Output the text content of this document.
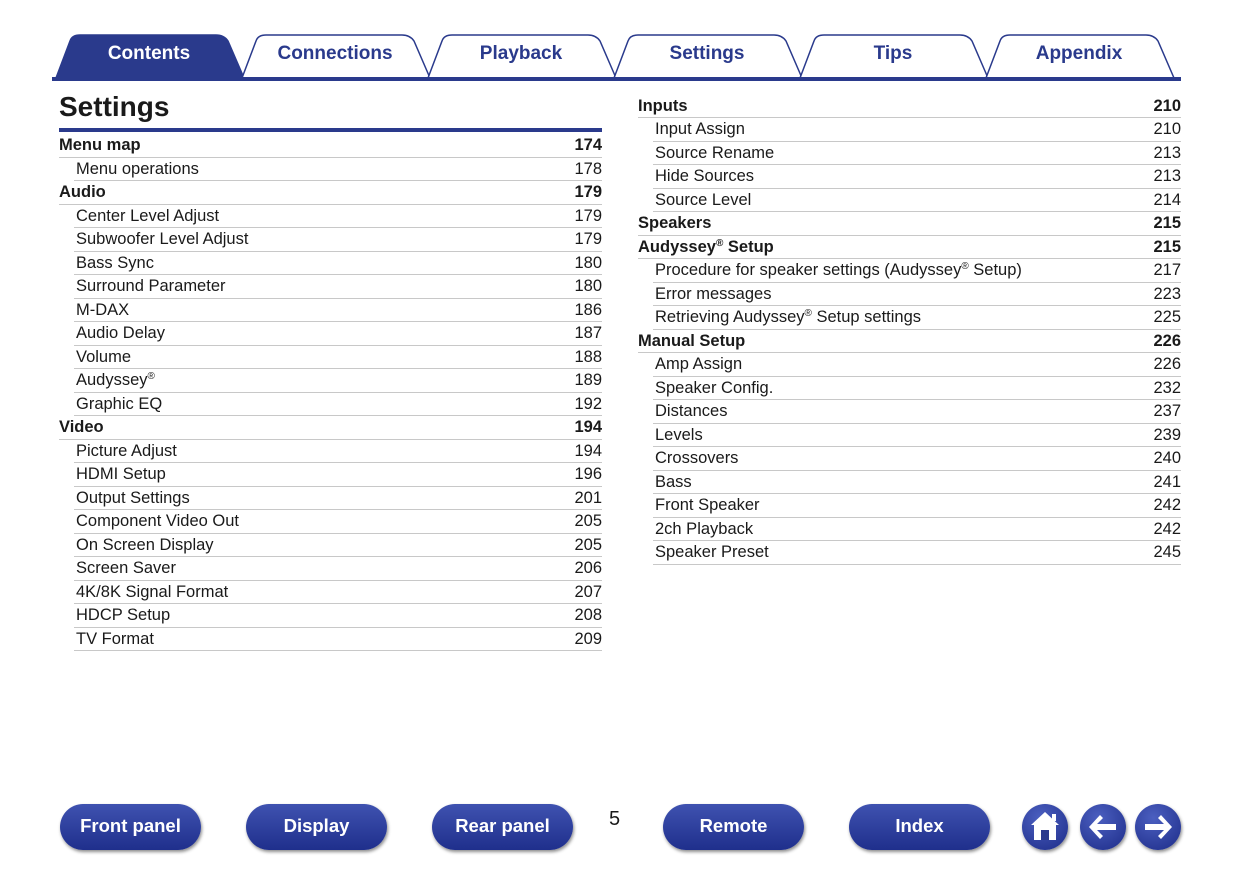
Contents	Connections	Playback	Settings	Tips	Appendix
Settings
Menu map	174
Menu operations	178
Audio	179
Center Level Adjust	179
Subwoofer Level Adjust	179
Bass Sync	180
Surround Parameter	180
M-DAX	186
Audio Delay	187
Volume	188
Audyssey®	189
Graphic EQ	192
Video	194
Picture Adjust	194
HDMI Setup	196
Output Settings	201
Component Video Out	205
On Screen Display	205
Screen Saver	206
4K/8K Signal Format	207
HDCP Setup	208
TV Format	209
Inputs	210
Input Assign	210
Source Rename	213
Hide Sources	213
Source Level	214
Speakers	215
Audyssey® Setup	215
Procedure for speaker settings (Audyssey® Setup)	217
Error messages	223
Retrieving Audyssey® Setup settings	225
Manual Setup	226
Amp Assign	226
Speaker Config.	232
Distances	237
Levels	239
Crossovers	240
Bass	241
Front Speaker	242
2ch Playback	242
Speaker Preset	245
Front panel	Display	Rear panel	5	Remote	Index
